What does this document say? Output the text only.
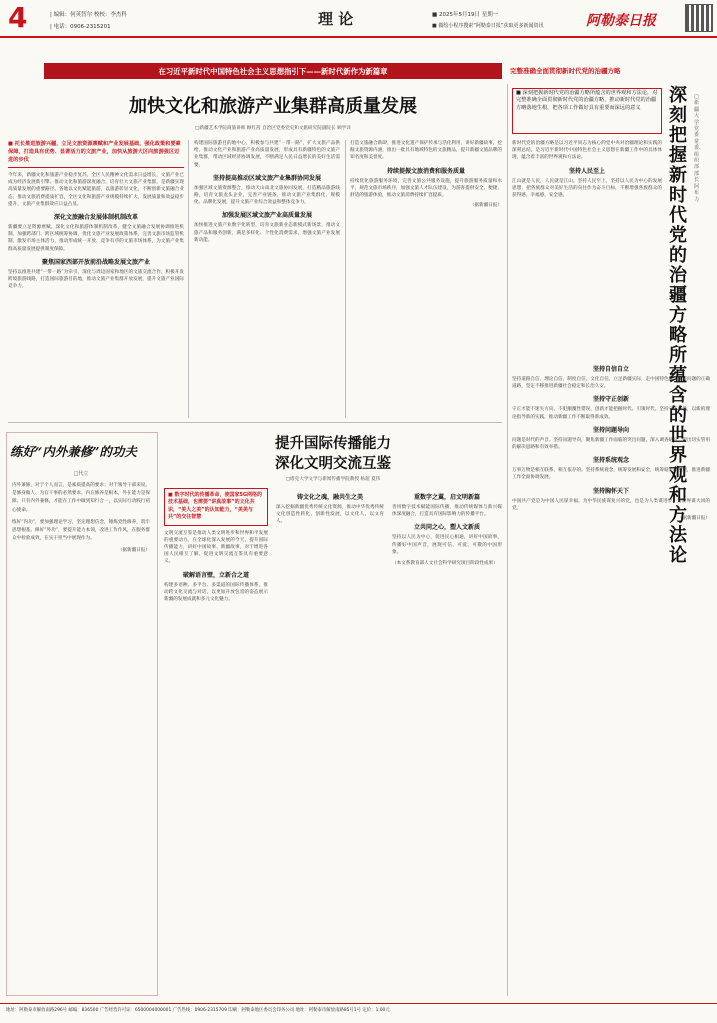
4	| 编辑：何英智尔 校校：李杰科
| 电话：0906-2315201	理 论	■ 2025年5月19日 星期一
■ 做绘小程序搜索“阿勒泰日报”获取更多新闻资讯	阿勒泰日报
在习近平新时代中国特色社会主义思想指引下——新时代新作为新篇章	完整准确全面贯彻新时代党的治疆方略
加快文化和旅游产业集群高质量发展
□新疆艺术学院商旅讲师 顾红茜 自治区党委党史和文献研究院副院长 顾学详
■ 托长推进旅游兴疆，立足文旅资源禀赋和产业发展基础，强化政策和要素保障，打造具有优势、显著活力的文旅产业，加快从旅游大区向旅游强区迈进的步伐
今年来，新疆文化和旅游产业稳步复苏，全区人民精神文化需求日益增长，文旅产业已成为经济发展新引擎。推动文化和旅游深度融合，培育壮大文旅产业集群，是新疆实现高质量发展的重要路径。各地以文化赋能旅游，以旅游彰显文化，不断创新文旅融合业态，推动文旅消费提质扩容，全区文化和旅游产业规模持续扩大，发展质量和效益稳步提升，文旅产业集群效应日益凸显。
深化文旅融合发展体制机制改革
新疆要立足资源禀赋，深化文化和旅游体制机制改革，健全文旅融合发展协调推进机制，加强跨部门、跨区域统筹协调，优化文旅产业发展政策体系，完善文旅市场监管机制，激发市场主体活力，推动形成统一开放、竞争有序的文旅市场体系，为文旅产业集群高质量发展提供制度保障。
聚焦国家西部开放前沿战略发展文旅产业
坚持以推进共建“一带一路”为牵引，深化与周边国家和地区的文旅交流合作，积极开发跨境旅游线路，打造国际旅游目的地，推动文旅产业集群开放发展，提升文旅产业国际竞争力。
构建国际旅游目的地中心，积极参与共建“一带一路”，扩大文旅产品供给，推动文化产业和旅游产业高质量发展，形成具有新疆特色的文旅产业集群，带动区域经济协调发展，不断满足人民日益增长的美好生活需要。
坚持提高推动区域文旅产业集群协同发展
加强区域文旅资源整合，推动天山南北文旅协同发展，打造精品旅游线路，培育文旅龙头企业，完善产业链条，推动文旅产业集群化、规模化、品牌化发展，提升文旅产业综合效益和整体竞争力。
加强发展区域文旅产业高质量发展
加快推进文旅产业数字化转型，培育文旅新业态新模式新场景，推动文旅产品和服务创新，满足多样化、个性化消费需求，增强文旅产业发展新动能。
打造文旅融合新IP，推进文化遗产保护传承与活化利用，讲好新疆故事，挖掘文旅资源内涵，推出一批具有地域特色的文旅精品，提升新疆文旅品牌的知名度和美誉度。
持续提振文旅消费和服务质量
持续优化旅游服务环境，完善文旅公共服务设施，提升旅游服务质量和水平，规范文旅市场秩序，加强文旅人才队伍建设，为游客提供安全、便捷、舒适的旅游体验，推动文旅消费持续扩容提质。
（据新疆日报）
练好“内外兼修”的功夫
□代立
内外兼修，对于个人而言，是素质提高的要求；对于领导干部来说，是修身做人、为官干事的必然要求。内在修养是根本，外在能力是保障。只有内外兼修，才能在工作中做到知行合一，以实际行动践行初心使命。
练好“内功”，要加强理论学习，坚定理想信念，锤炼党性修养，筑牢思想根基。修好“外功”，要提升能力本领，改进工作作风，在服务群众中检验成效，在实干担当中展现作为。
（据新疆日报）
提升国际传播能力
深化文明交流互鉴
□塔克大学文学与新闻传播学院教授 杨超 夏伟
■ 数字时代的传播革命，使国家5G网络的技术基础，也需要“讲真故事”的文化共识，“美人之美”的认知能力，“美美与共”的交往智慧
文明交流互鉴是推动人类文明进步和世界和平发展的重要动力。在全球化深入发展的今天，提升国际传播能力，讲好中国故事、新疆故事，对于增进各国人民相互了解、促进文明交流互鉴具有重要意义。
破解语言壁，立新合之道
构建多语种、多平台、多渠道的国际传播体系，推动跨文化交流与对话，以更加开放包容的姿态展示新疆的发展成就和多元文化魅力。
铸文化之魂，融共生之美
深入挖掘新疆优秀传统文化资源，推动中华优秀传统文化创造性转化、创新性发展，以文化人、以文育人。
重数字之翼，启文明新篇
善用数字技术赋能国际传播，推动传统媒体与新兴媒体深度融合，打造具有国际影响力的传播平台。
立共同之心，塑人文新质
坚持以人民为中心，促进民心相通，讲好中国故事，传播好中国声音，展现可信、可爱、可敬的中国形象。
（本文系教育部人文社会科学研究项目阶段性成果）
■ 深刻把握新时代党的治疆方略所蕴含的世界观和方法论，对完整准确全面贯彻新时代党的治疆方略，推动新时代党的治疆方略落地生根，把各项工作做好具有重要而深远的意义
深刻把握新时代党的治疆方略所蕴含的世界观和方法论
□新疆大学党委常委、组织部部长 阿布力
新时代党的治疆方略是以习近平同志为核心的党中央对治疆理论和实践的深刻总结，是习近平新时代中国特色社会主义思想在新疆工作中的具体体现，蕴含着丰富的世界观和方法论。
坚持人民至上
江山就是人民，人民就是江山。坚持人民至上，坚持以人民为中心的发展思想，把各族群众对美好生活的向往作为奋斗目标，不断增强各族群众的获得感、幸福感、安全感。
坚持自信自立
坚持道路自信、理论自信、制度自信、文化自信，立足新疆实际，走中国特色解决民族问题的正确道路，坚定不移推进新疆社会稳定和长治久安。
坚持守正创新
守正才能不迷失方向、不犯颠覆性错误，创新才能把握时代、引领时代。坚持守正创新，以新的理论指导新的实践，推动新疆工作不断取得新成效。
坚持问题导向
问题是时代的声音。坚持问题导向，聚焦新疆工作面临的突出问题，深入调查研究，提出切实管用的解决思路和有效举措。
坚持系统观念
万事万物是相互联系、相互依存的。坚持系统观念，统筹发展和安全，统筹稳定和发展，推进新疆工作全面协调发展。
坚持胸怀天下
中国共产党是为中国人民谋幸福、为中华民族谋复兴的党，也是为人类谋进步、为世界谋大同的党。
（据新疆日报）
地址：阿勒泰市解放南路296号 邮编：836500 广告经营许可证：6500004000001 广告热线：0906-2315709 印刷：阿勒泰地区委员会印务公司 地址：阿勒泰市解放南路85号1号 定价：1.00元
